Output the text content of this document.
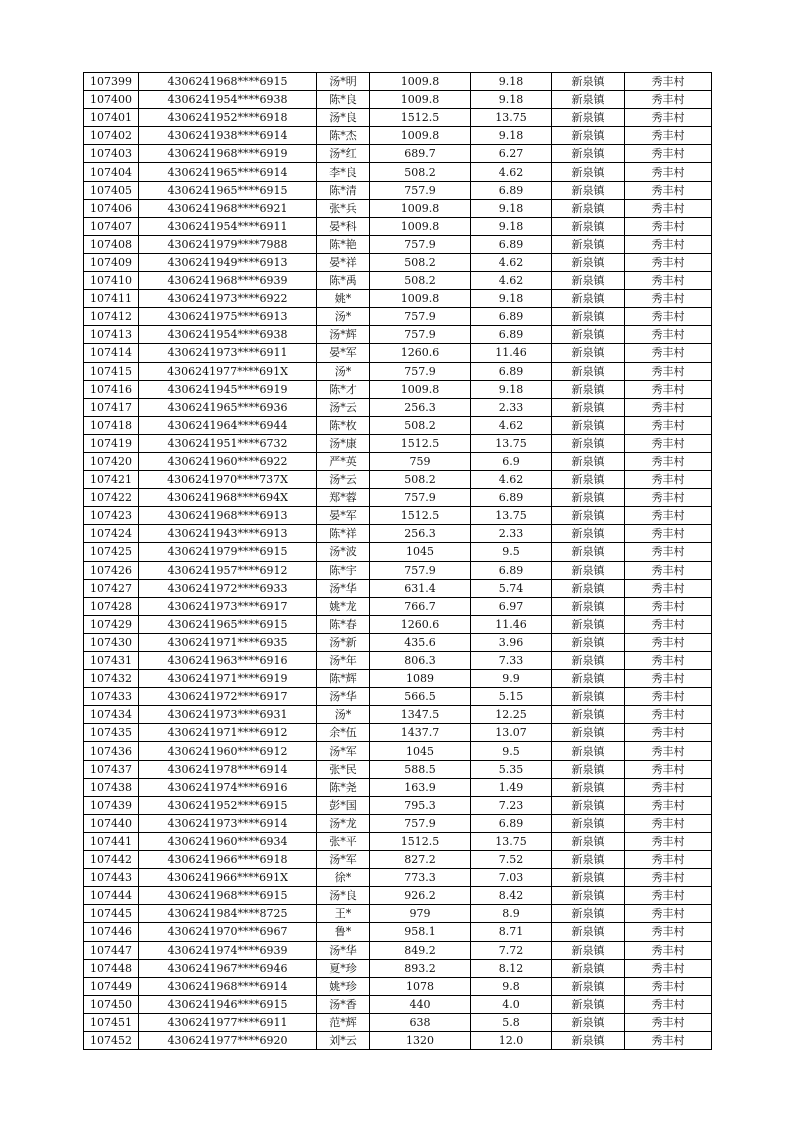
107399	4306241968****6915	汤*明	1009.8	9.18	新泉镇	秀丰村
107400	4306241954****6938	陈*良	1009.8	9.18	新泉镇	秀丰村
107401	4306241952****6918	汤*良	1512.5	13.75	新泉镇	秀丰村
107402	4306241938****6914	陈*杰	1009.8	9.18	新泉镇	秀丰村
107403	4306241968****6919	汤*红	689.7	6.27	新泉镇	秀丰村
107404	4306241965****6914	李*良	508.2	4.62	新泉镇	秀丰村
107405	4306241965****6915	陈*清	757.9	6.89	新泉镇	秀丰村
107406	4306241968****6921	张*兵	1009.8	9.18	新泉镇	秀丰村
107407	4306241954****6911	晏*科	1009.8	9.18	新泉镇	秀丰村
107408	4306241979****7988	陈*艳	757.9	6.89	新泉镇	秀丰村
107409	4306241949****6913	晏*祥	508.2	4.62	新泉镇	秀丰村
107410	4306241968****6939	陈*禹	508.2	4.62	新泉镇	秀丰村
107411	4306241973****6922	姚*	1009.8	9.18	新泉镇	秀丰村
107412	4306241975****6913	汤*	757.9	6.89	新泉镇	秀丰村
107413	4306241954****6938	汤*辉	757.9	6.89	新泉镇	秀丰村
107414	4306241973****6911	晏*军	1260.6	11.46	新泉镇	秀丰村
107415	4306241977****691X	汤*	757.9	6.89	新泉镇	秀丰村
107416	4306241945****6919	陈*才	1009.8	9.18	新泉镇	秀丰村
107417	4306241965****6936	汤*云	256.3	2.33	新泉镇	秀丰村
107418	4306241964****6944	陈*枚	508.2	4.62	新泉镇	秀丰村
107419	4306241951****6732	汤*康	1512.5	13.75	新泉镇	秀丰村
107420	4306241960****6922	严*英	759	6.9	新泉镇	秀丰村
107421	4306241970****737X	汤*云	508.2	4.62	新泉镇	秀丰村
107422	4306241968****694X	郑*蓉	757.9	6.89	新泉镇	秀丰村
107423	4306241968****6913	晏*军	1512.5	13.75	新泉镇	秀丰村
107424	4306241943****6913	陈*祥	256.3	2.33	新泉镇	秀丰村
107425	4306241979****6915	汤*波	1045	9.5	新泉镇	秀丰村
107426	4306241957****6912	陈*宇	757.9	6.89	新泉镇	秀丰村
107427	4306241972****6933	汤*华	631.4	5.74	新泉镇	秀丰村
107428	4306241973****6917	姚*龙	766.7	6.97	新泉镇	秀丰村
107429	4306241965****6915	陈*春	1260.6	11.46	新泉镇	秀丰村
107430	4306241971****6935	汤*新	435.6	3.96	新泉镇	秀丰村
107431	4306241963****6916	汤*年	806.3	7.33	新泉镇	秀丰村
107432	4306241971****6919	陈*辉	1089	9.9	新泉镇	秀丰村
107433	4306241972****6917	汤*华	566.5	5.15	新泉镇	秀丰村
107434	4306241973****6931	汤*	1347.5	12.25	新泉镇	秀丰村
107435	4306241971****6912	余*伍	1437.7	13.07	新泉镇	秀丰村
107436	4306241960****6912	汤*军	1045	9.5	新泉镇	秀丰村
107437	4306241978****6914	张*民	588.5	5.35	新泉镇	秀丰村
107438	4306241974****6916	陈*尧	163.9	1.49	新泉镇	秀丰村
107439	4306241952****6915	彭*国	795.3	7.23	新泉镇	秀丰村
107440	4306241973****6914	汤*龙	757.9	6.89	新泉镇	秀丰村
107441	4306241960****6934	张*平	1512.5	13.75	新泉镇	秀丰村
107442	4306241966****6918	汤*军	827.2	7.52	新泉镇	秀丰村
107443	4306241966****691X	徐*	773.3	7.03	新泉镇	秀丰村
107444	4306241968****6915	汤*良	926.2	8.42	新泉镇	秀丰村
107445	4306241984****8725	王*	979	8.9	新泉镇	秀丰村
107446	4306241970****6967	鲁*	958.1	8.71	新泉镇	秀丰村
107447	4306241974****6939	汤*华	849.2	7.72	新泉镇	秀丰村
107448	4306241967****6946	夏*珍	893.2	8.12	新泉镇	秀丰村
107449	4306241968****6914	姚*珍	1078	9.8	新泉镇	秀丰村
107450	4306241946****6915	汤*香	440	4.0	新泉镇	秀丰村
107451	4306241977****6911	范*辉	638	5.8	新泉镇	秀丰村
107452	4306241977****6920	刘*云	1320	12.0	新泉镇	秀丰村
